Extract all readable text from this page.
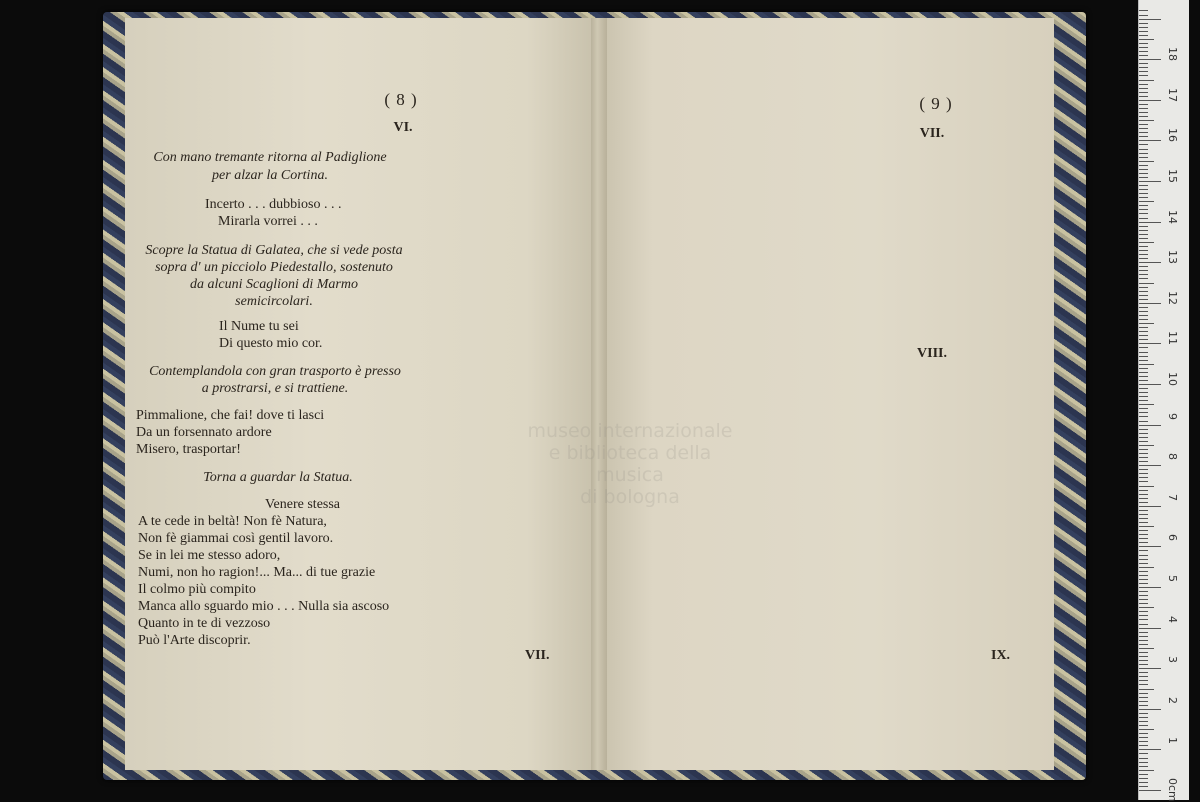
( 8 )
VI.
Con mano tremante ritorna al Padiglione
per alzar la Cortina.
Incerto . . . dubbioso . . .
Mirarla vorrei . . .
Scopre la Statua di Galatea, che si vede posta
sopra d' un picciolo Piedestallo, sostenuto
da alcuni Scaglioni di Marmo
semicircolari.
Il Nume tu sei
Di questo mio cor.
Contemplandola con gran trasporto è presso
a prostrarsi, e si trattiene.
Pimmalione, che fai! dove ti lasci
Da un forsennato ardore
Misero, trasportar!
Torna a guardar la Statua.
Venere stessa
A te cede in beltà! Non fè Natura,
Non fè giammai così gentil lavoro.
Se in lei me stesso adoro,
Numi, non ho ragion!... Ma... di tue grazie
Il colmo più compito
Manca allo sguardo mio . . . Nulla sia ascoso
Quanto in te di vezzoso
Può l'Arte discoprir.
VII.
( 9 )
VII.
VIII.
IX.
museo internazionale
e biblioteca della musica
di bologna
0cm
1
2
3
4
5
6
7
8
9
10
11
12
13
14
15
16
17
18
